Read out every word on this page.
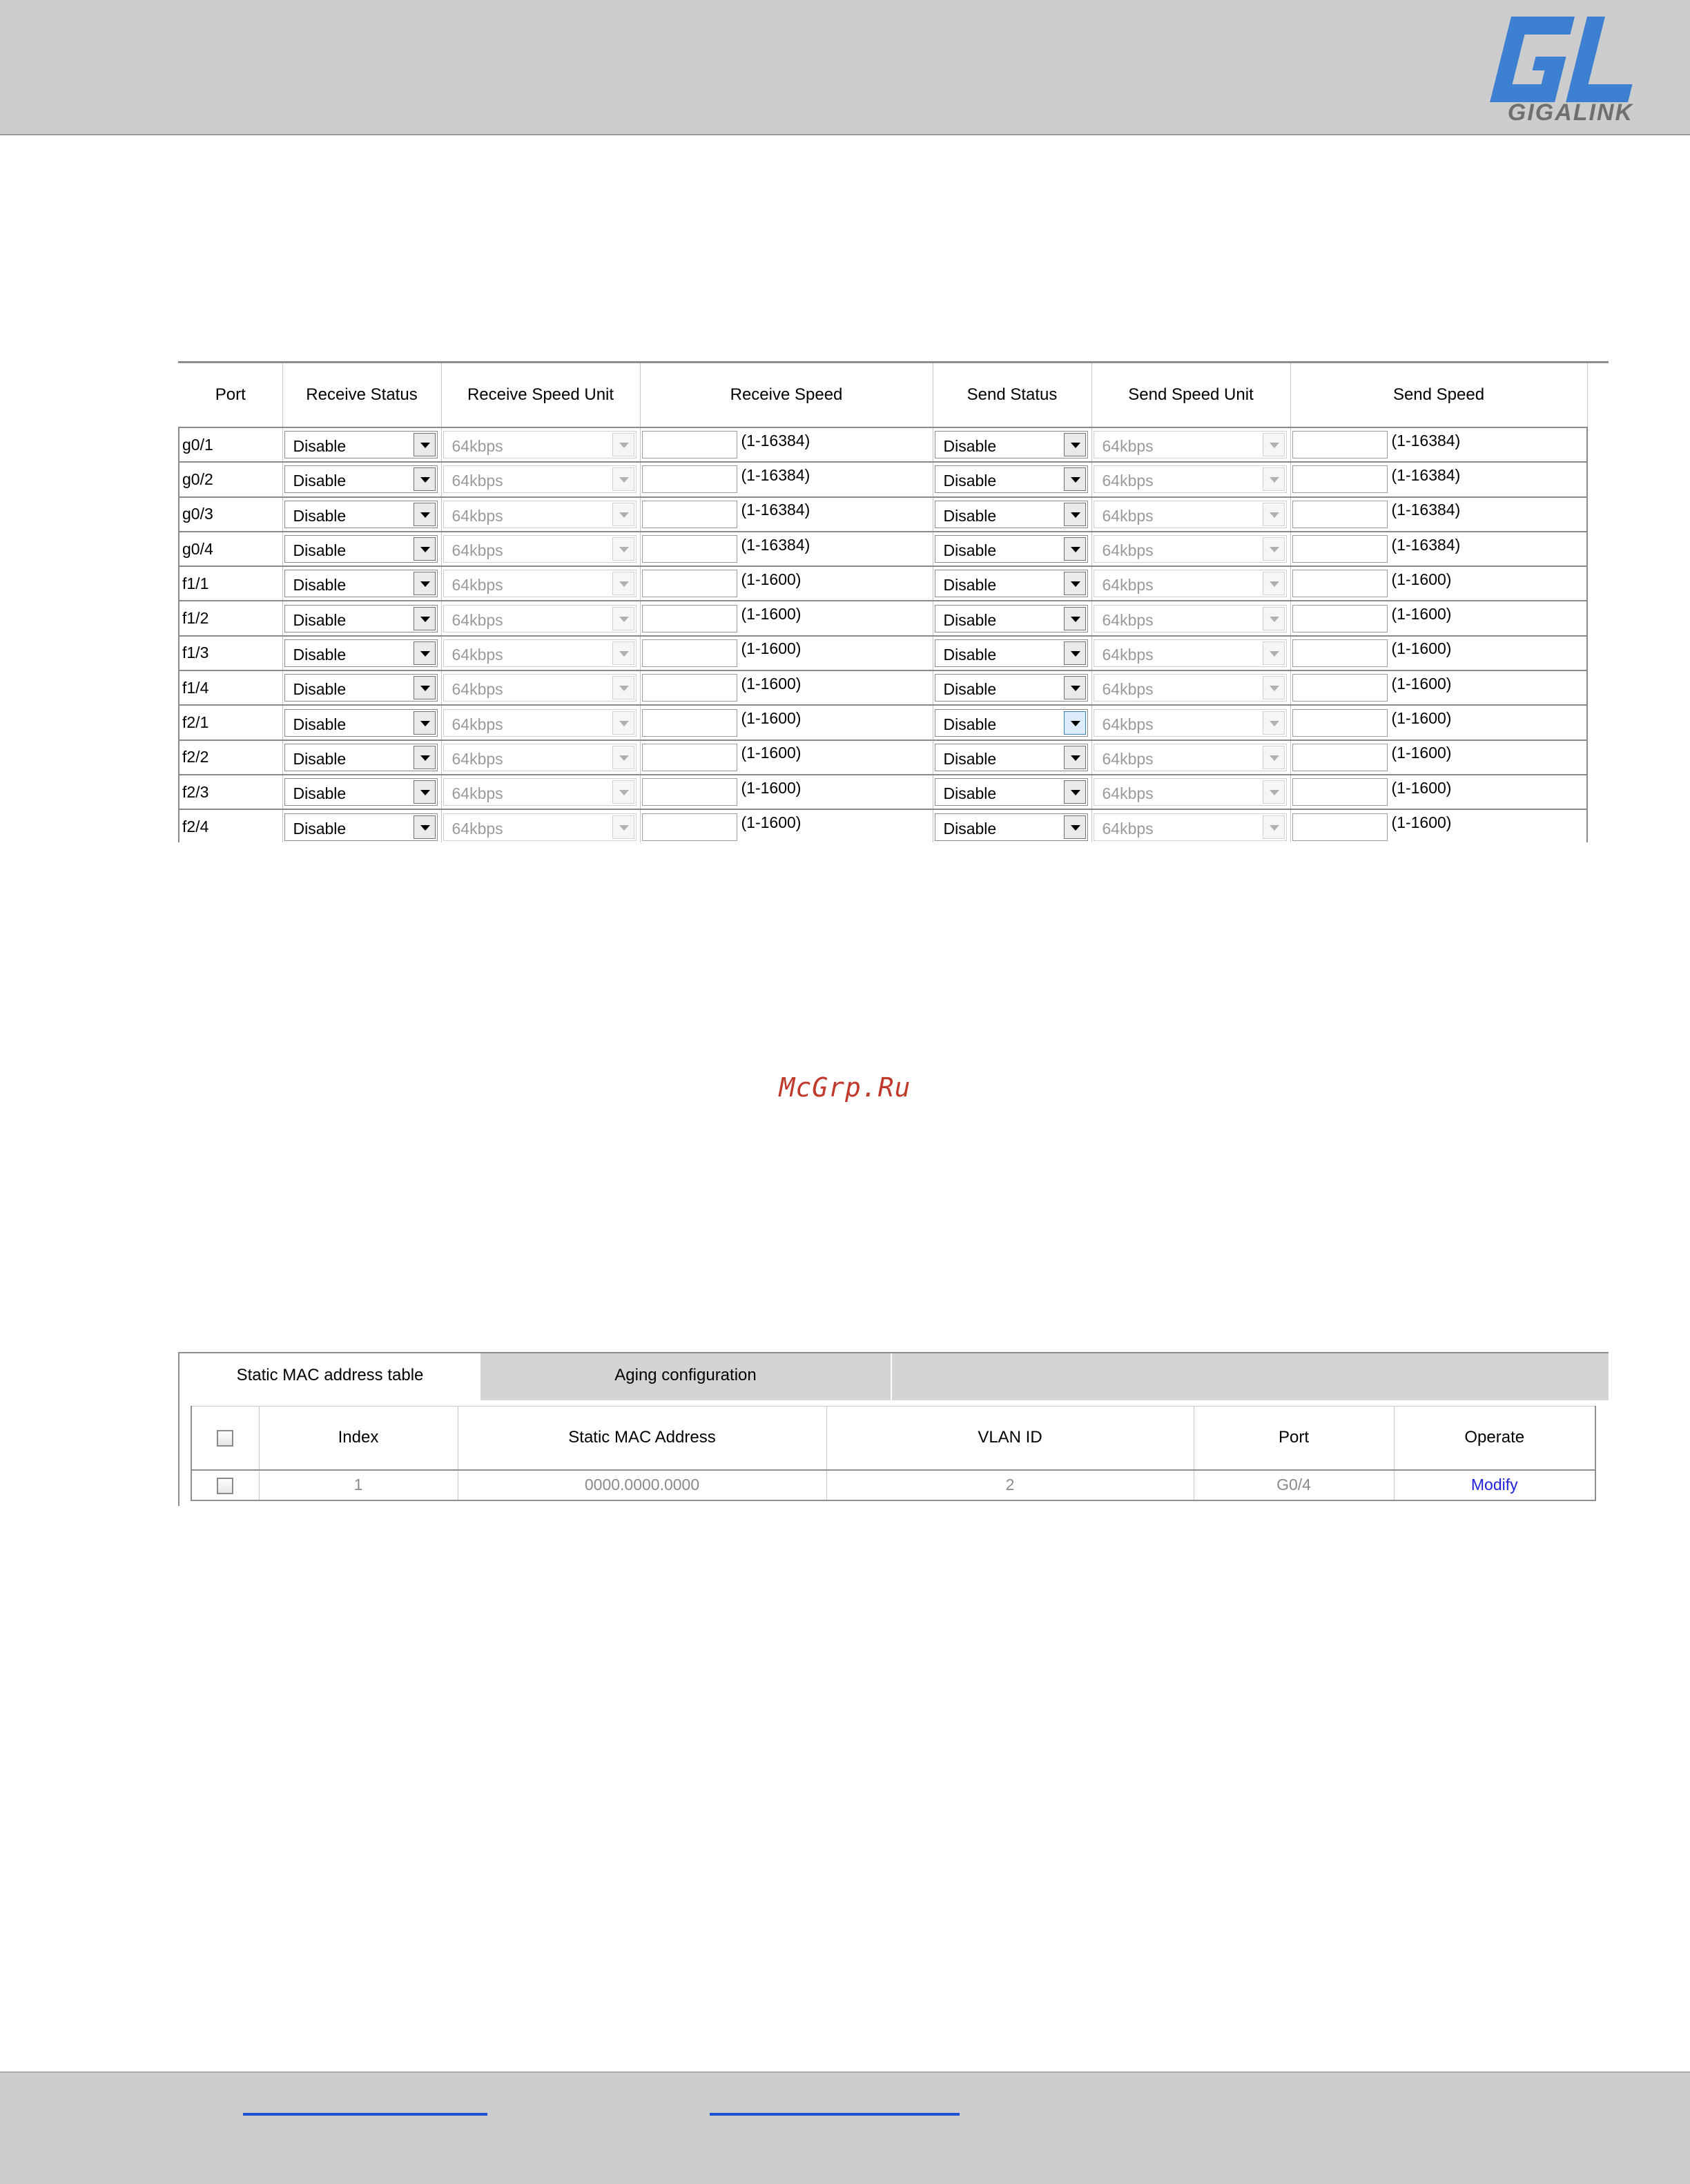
GIGALINK
Port	Receive Status	Receive Speed Unit	Receive Speed	Send Status	Send Speed Unit	Send Speed
g0/1	Disable	64kbps	(1-16384)	Disable	64kbps	(1-16384)
g0/2	Disable	64kbps	(1-16384)	Disable	64kbps	(1-16384)
g0/3	Disable	64kbps	(1-16384)	Disable	64kbps	(1-16384)
g0/4	Disable	64kbps	(1-16384)	Disable	64kbps	(1-16384)
f1/1	Disable	64kbps	(1-1600)	Disable	64kbps	(1-1600)
f1/2	Disable	64kbps	(1-1600)	Disable	64kbps	(1-1600)
f1/3	Disable	64kbps	(1-1600)	Disable	64kbps	(1-1600)
f1/4	Disable	64kbps	(1-1600)	Disable	64kbps	(1-1600)
f2/1	Disable	64kbps	(1-1600)	Disable	64kbps	(1-1600)
f2/2	Disable	64kbps	(1-1600)	Disable	64kbps	(1-1600)
f2/3	Disable	64kbps	(1-1600)	Disable	64kbps	(1-1600)
f2/4	Disable	64kbps	(1-1600)	Disable	64kbps	(1-1600)
McGrp.Ru
Static MAC address table	Aging configuration
	Index	Static MAC Address	VLAN ID	Port	Operate
	1	0000.0000.0000	2	G0/4	Modify
